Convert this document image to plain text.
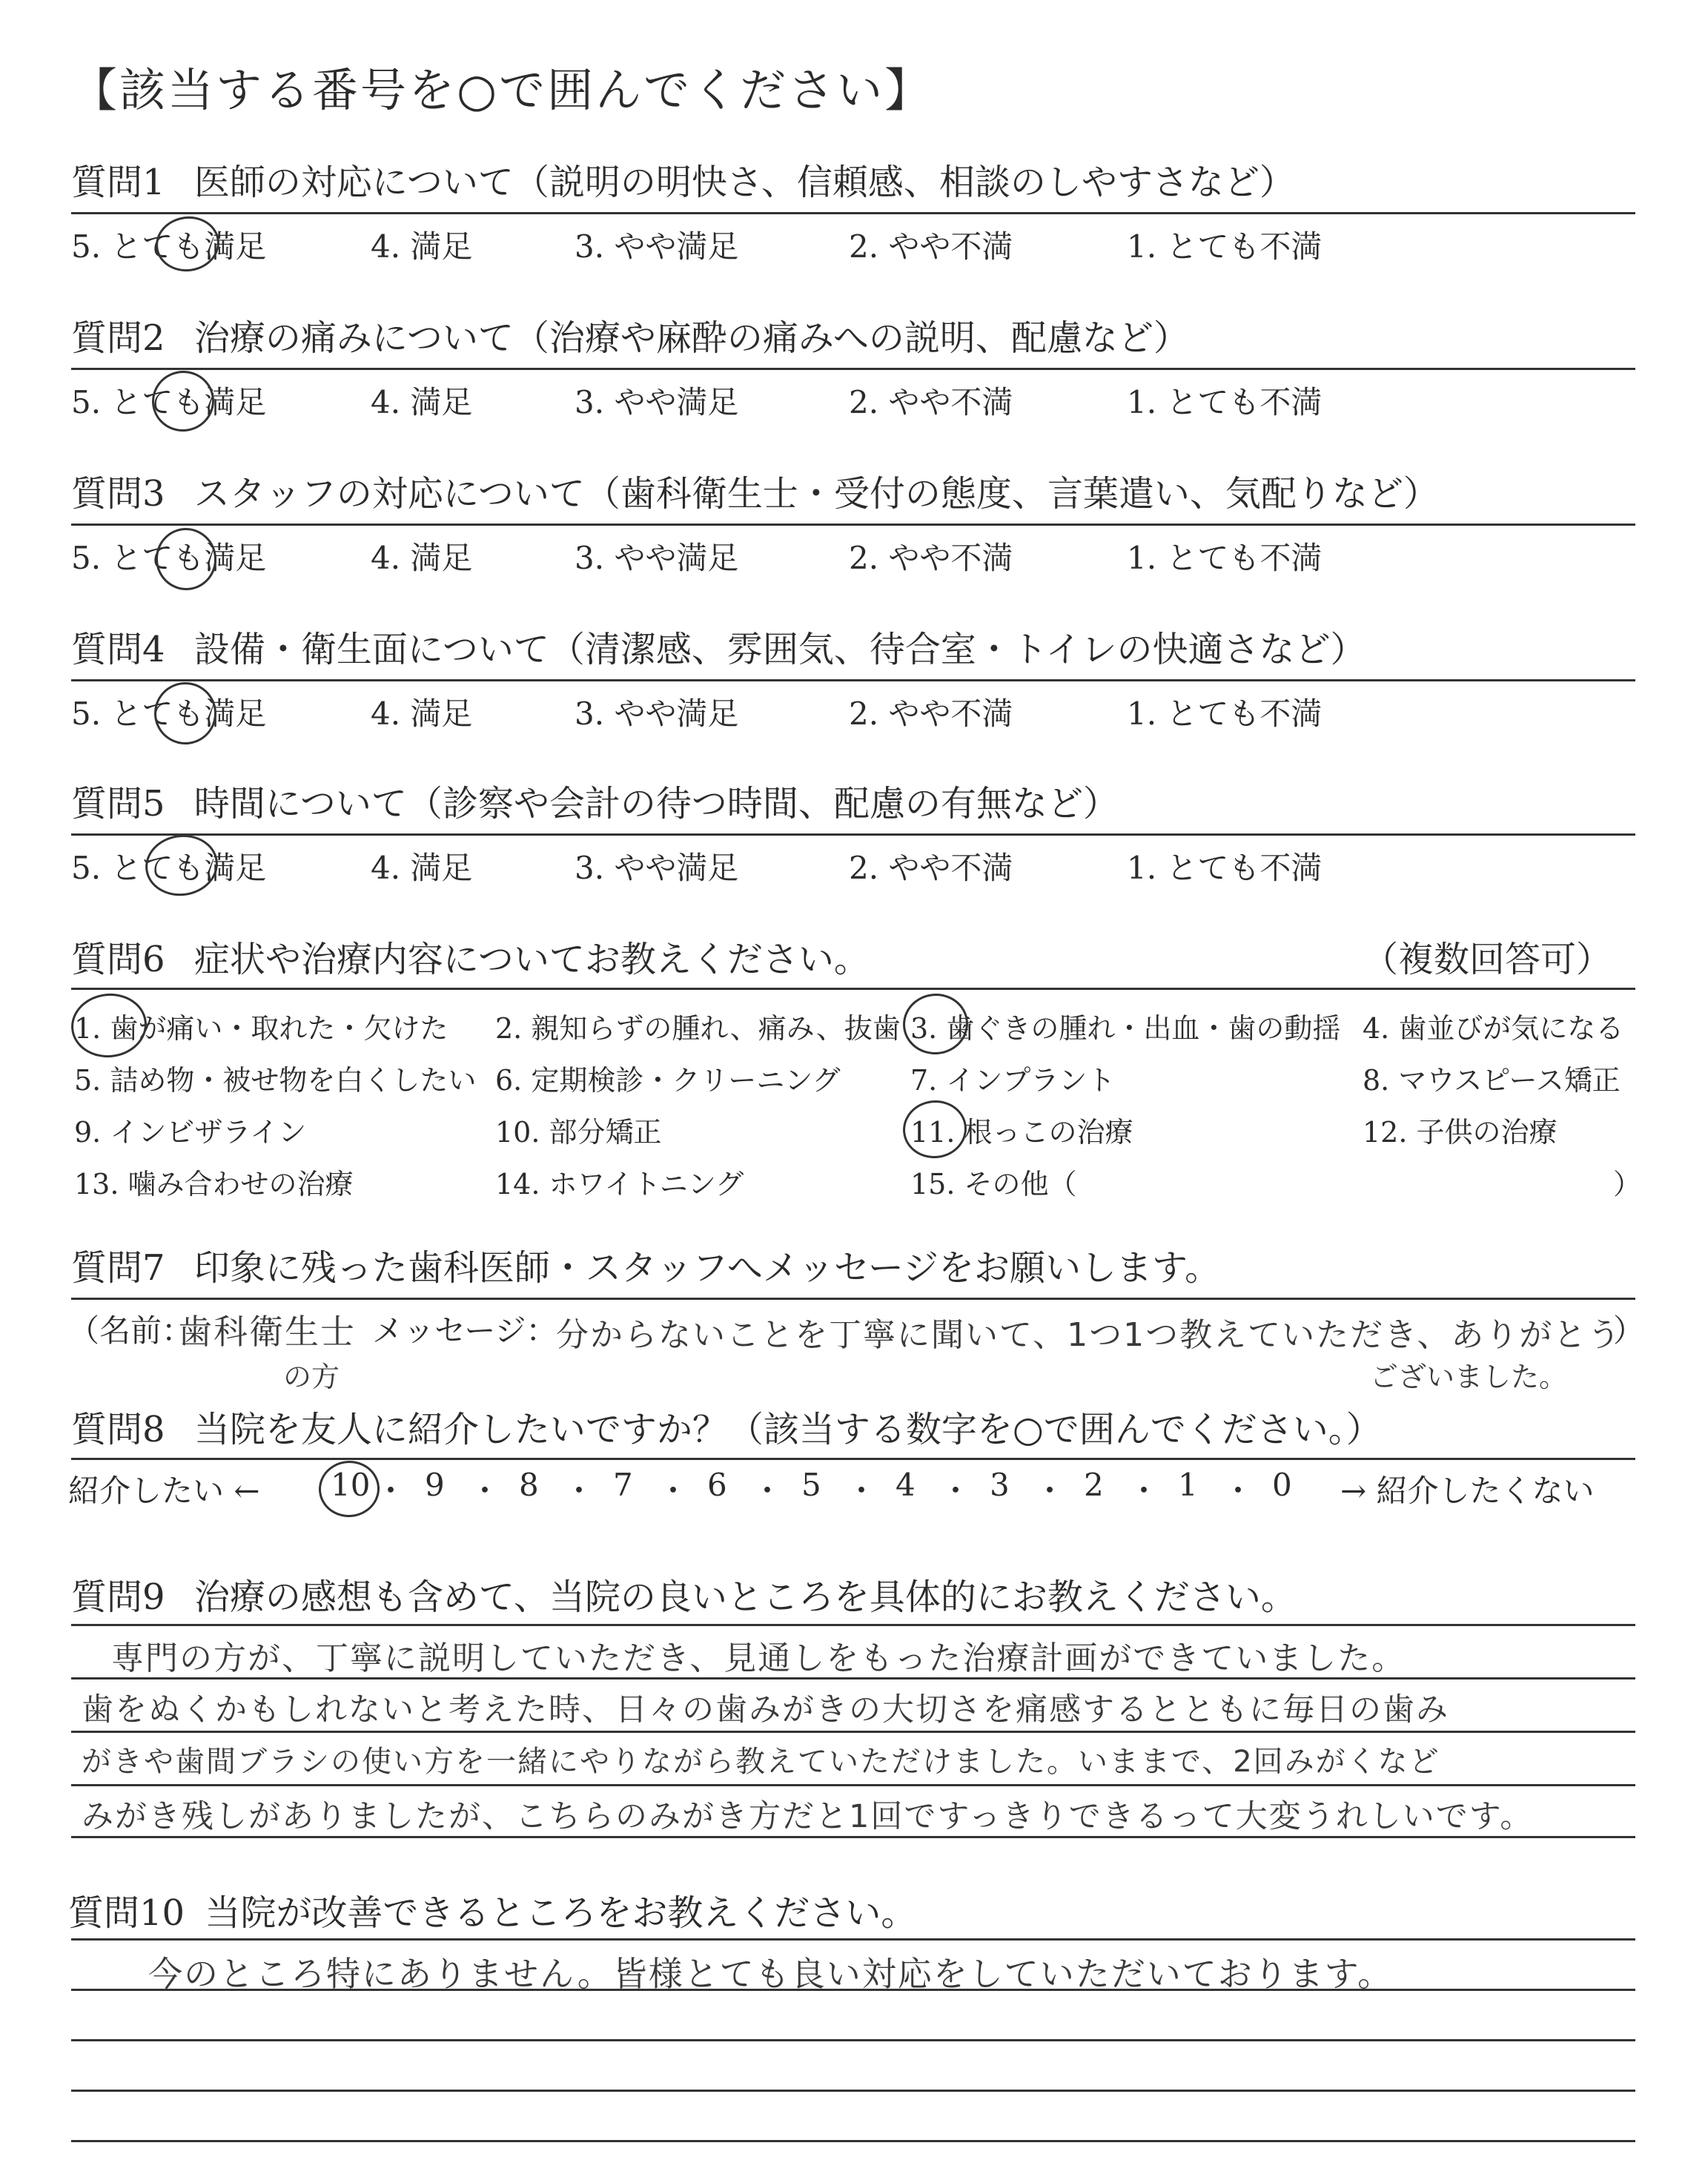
【該当する番号を○で囲んでください】
質問1 医師の対応について（説明の明快さ、信頼感、相談のしやすさなど）
5. とても満足	4. 満足	3. やや満足	2. やや不満	1. とても不満
質問2 治療の痛みについて（治療や麻酔の痛みへの説明、配慮など）
5. とても満足	4. 満足	3. やや満足	2. やや不満	1. とても不満
質問3 スタッフの対応について（歯科衛生士・受付の態度、言葉遣い、気配りなど）
5. とても満足	4. 満足	3. やや満足	2. やや不満	1. とても不満
質問4 設備・衛生面について（清潔感、雰囲気、待合室・トイレの快適さなど）
5. とても満足	4. 満足	3. やや満足	2. やや不満	1. とても不満
質問5 時間について（診察や会計の待つ時間、配慮の有無など）
5. とても満足	4. 満足	3. やや満足	2. やや不満	1. とても不満
質問6 症状や治療内容についてお教えください。	（複数回答可）
1. 歯が痛い・取れた・欠けた 2. 親知らずの腫れ、痛み、抜歯 3. 歯ぐきの腫れ・出血・歯の動揺 4. 歯並びが気になる
5. 詰め物・被せ物を白くしたい 6. 定期検診・クリーニング 7. インプラント	8. マウスピース矯正
9. インビザライン	10. 部分矯正	11. 根っこの治療	12. 子供の治療
13. 噛み合わせの治療	14. ホワイトニング	15. その他（	）
質問7 印象に残った歯科医師・スタッフへメッセージをお願いします。
（名前：
歯科衛生士
の方
メッセージ：
分からないことを丁寧に聞いて、1つ1つ教えていただき、ありがとう
ございました。
）
質問8 当院を友人に紹介したいですか？（該当する数字を○で囲んでください。）
紹介したい ← 10 ・ 9 ・ 8 ・ 7 ・ 6 ・ 5 ・ 4 ・ 3 ・ 2 ・ 1 ・ 0 → 紹介したくない
質問9 治療の感想も含めて、当院の良いところを具体的にお教えください。
専門の方が、丁寧に説明していただき、見通しをもった治療計画ができていました。
歯をぬくかもしれないと考えた時、日々の歯みがきの大切さを痛感するとともに毎日の歯み
がきや歯間ブラシの使い方を一緒にやりながら教えていただけました。いままで、2回みがくなど
みがき残しがありましたが、こちらのみがき方だと1回ですっきりできるって大変うれしいです。
質問10 当院が改善できるところをお教えください。
今のところ特にありません。皆様とても良い対応をしていただいております。
